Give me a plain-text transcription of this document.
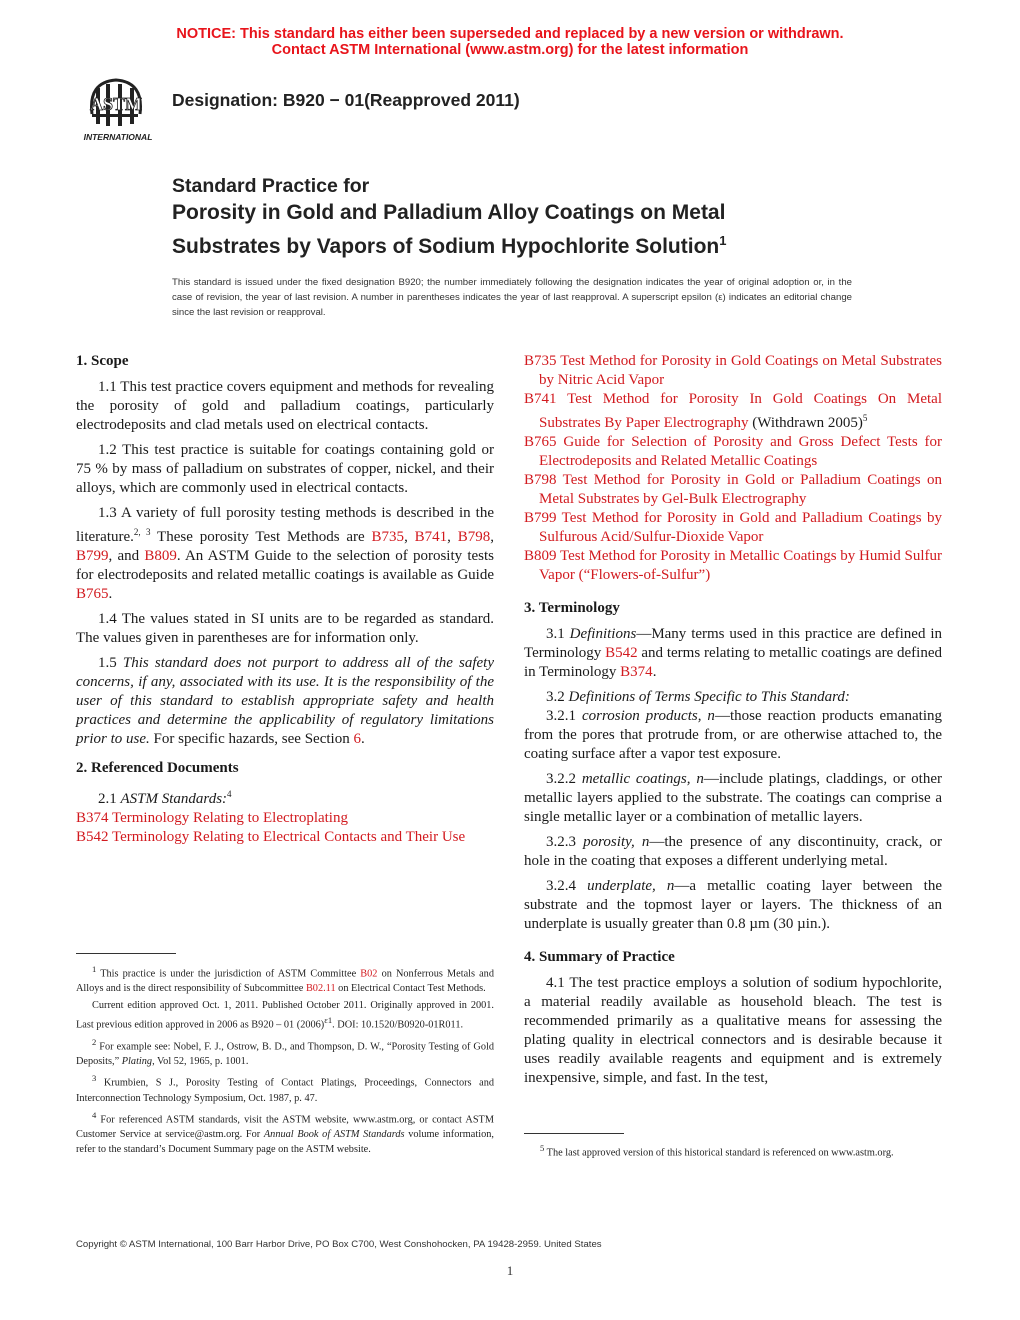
NOTICE: This standard has either been superseded and replaced by a new version or withdrawn.
Contact ASTM International (www.astm.org) for the latest information
ASTM
INTERNATIONAL
Designation: B920 − 01(Reapproved 2011)
Standard Practice for
Porosity in Gold and Palladium Alloy Coatings on Metal
Substrates by Vapors of Sodium Hypochlorite Solution$^1$
This standard is issued under the fixed designation B920; the number immediately following the designation indicates the year of original adoption or, in the case of revision, the year of last revision. A number in parentheses indicates the year of last reapproval. A superscript epsilon (ε) indicates an editorial change since the last revision or reapproval.
1. Scope

1.1 This test practice covers equipment and methods for revealing the porosity of gold and palladium coatings, particularly electrodeposits and clad metals used on electrical contacts.

1.2 This test practice is suitable for coatings containing gold or 75 % by mass of palladium on substrates of copper, nickel, and their alloys, which are commonly used in electrical contacts.

1.3 A variety of full porosity testing methods is described in the literature.$^{2, 3}$ These porosity Test Methods are B735, B741, B798, B799, and B809. An ASTM Guide to the selection of porosity tests for electrodeposits and related metallic coatings is available as Guide B765.

1.4 The values stated in SI units are to be regarded as standard. The values given in parentheses are for information only.

1.5 This standard does not purport to address all of the safety concerns, if any, associated with its use. It is the responsibility of the user of this standard to establish appropriate safety and health practices and determine the applicability of regulatory limitations prior to use. For specific hazards, see Section 6.

2. Referenced Documents

2.1 ASTM Standards:$^4$

B374 Terminology Relating to Electroplating

B542 Terminology Relating to Electrical Contacts and Their Use

$^1$ This practice is under the jurisdiction of ASTM Committee B02 on Nonferrous Metals and Alloys and is the direct responsibility of Subcommittee B02.11 on Electrical Contact Test Methods.

Current edition approved Oct. 1, 2011. Published October 2011. Originally approved in 2001. Last previous edition approved in 2006 as B920 – 01 $(2006)^{\varepsilon 1}$. DOI: 10.1520/B0920-01R011.

$^2$ For example see: Nobel, F. J., Ostrow, B. D., and Thompson, D. W., “Porosity Testing of Gold Deposits,” Plating, Vol 52, 1965, p. 1001.

$^3$ Krumbien, S J., Porosity Testing of Contact Platings, Proceedings, Connectors and Interconnection Technology Symposium, Oct. 1987, p. 47.

$^4$ For referenced ASTM standards, visit the ASTM website, www.astm.org, or contact ASTM Customer Service at service@astm.org. For Annual Book of ASTM Standards volume information, refer to the standard’s Document Summary page on the ASTM website.

B735 Test Method for Porosity in Gold Coatings on Metal Substrates by Nitric Acid Vapor

B741 Test Method for Porosity In Gold Coatings On Metal Substrates By Paper Electrography (Withdrawn 2005)$^5$

B765 Guide for Selection of Porosity and Gross Defect Tests for Electrodeposits and Related Metallic Coatings

B798 Test Method for Porosity in Gold or Palladium Coatings on Metal Substrates by Gel-Bulk Electrography

B799 Test Method for Porosity in Gold and Palladium Coatings by Sulfurous Acid/Sulfur-Dioxide Vapor

B809 Test Method for Porosity in Metallic Coatings by Humid Sulfur Vapor (“Flowers-of-Sulfur”)

3. Terminology

3.1 Definitions—Many terms used in this practice are defined in Terminology B542 and terms relating to metallic coatings are defined in Terminology B374.

3.2 Definitions of Terms Specific to This Standard:

3.2.1 corrosion products, n—those reaction products emanating from the pores that protrude from, or are otherwise attached to, the coating surface after a vapor test exposure.

3.2.2 metallic coatings, n—include platings, claddings, or other metallic layers applied to the substrate. The coatings can comprise a single metallic layer or a combination of metallic layers.

3.2.3 porosity, n—the presence of any discontinuity, crack, or hole in the coating that exposes a different underlying metal.

3.2.4 underplate, n—a metallic coating layer between the substrate and the topmost layer or layers. The thickness of an underplate is usually greater than 0.8 µm (30 µin.).

4. Summary of Practice

4.1 The test practice employs a solution of sodium hypochlorite, a material readily available as household bleach. The test is recommended primarily as a qualitative means for assessing the plating quality in electrical connectors and is desirable because it uses readily available reagents and equipment and is extremely inexpensive, simple, and fast. In the test,

$^5$ The last approved version of this historical standard is referenced on www.astm.org.

Copyright © ASTM International, 100 Barr Harbor Drive, PO Box C700, West Conshohocken, PA 19428-2959. United States
1
